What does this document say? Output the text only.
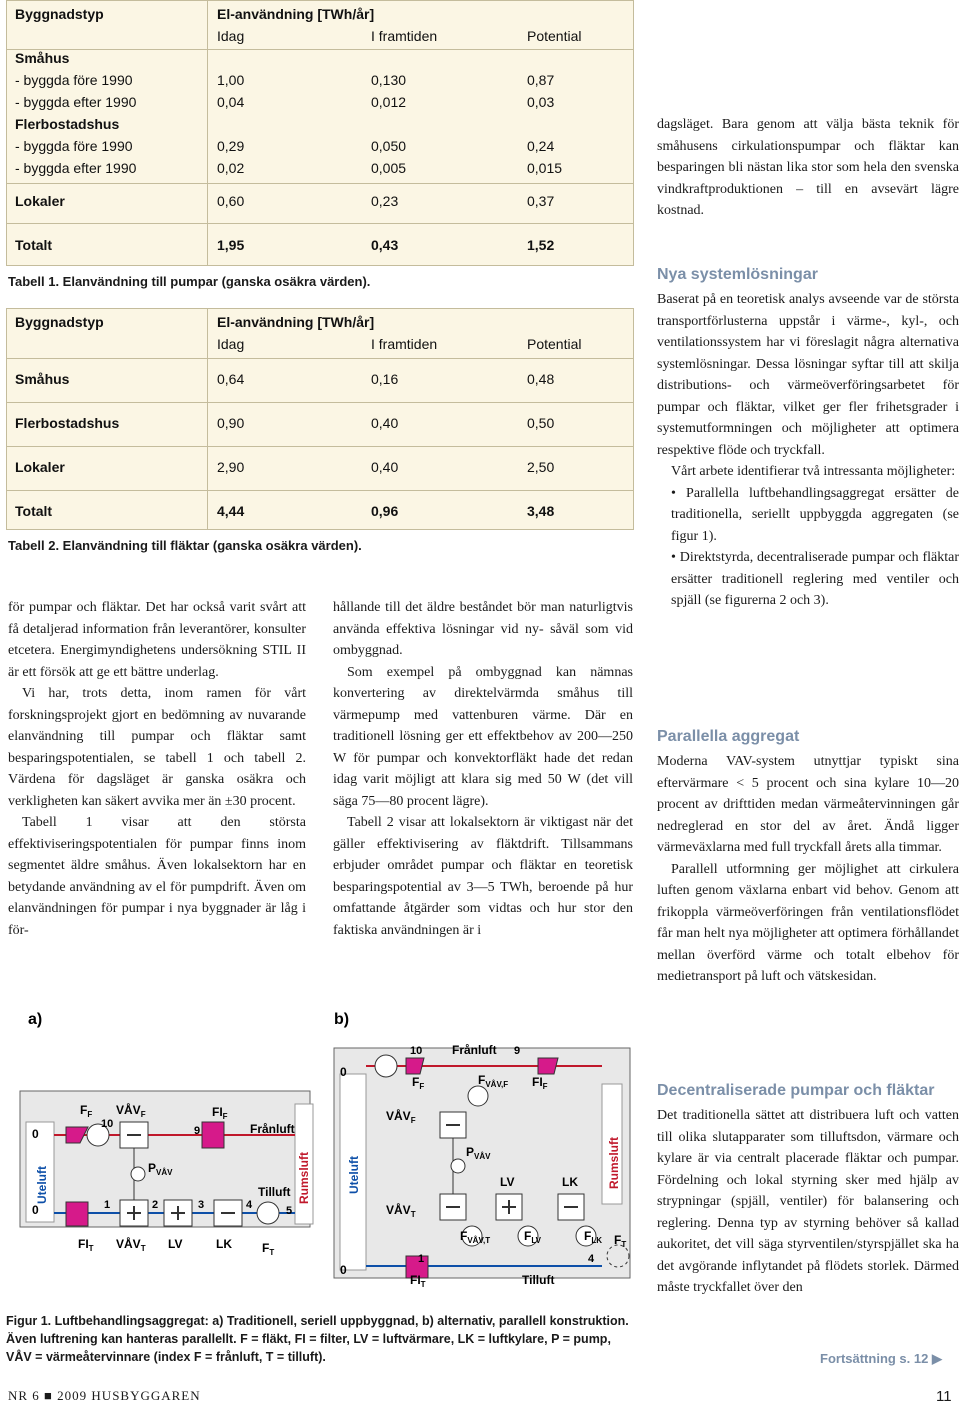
Byggnadstyp	El-användning [TWh/år]
Idag	I framtiden	Potential
Småhus
- byggda före 1990	1,00	0,130	0,87
- byggda efter 1990	0,04	0,012	0,03
Flerbostadshus
- byggda före 1990	0,29	0,050	0,24
- byggda efter 1990	0,02	0,005	0,015
Lokaler	0,60	0,23	0,37
Totalt	1,95	0,43	1,52
Tabell 1. Elanvändning till pumpar (ganska osäkra värden).
Byggnadstyp	El-användning [TWh/år]
Idag	I framtiden	Potential
Småhus	0,64	0,16	0,48
Flerbostadshus	0,90	0,40	0,50
Lokaler	2,90	0,40	2,50
Totalt	4,44	0,96	3,48
Tabell 2. Elanvändning till fläktar (ganska osäkra värden).

för pumpar och fläktar. Det har också varit svårt att få detaljerad information från leverantörer, konsulter etcetera. Energimyndighetens undersökning STIL II är ett försök att ge ett bättre underlag.

Vi har, trots detta, inom ramen för vårt forskningsprojekt gjort en bedömning av nuvarande elanvändning till pumpar och fläktar samt besparingspotentialen, se tabell 1 och tabell 2. Värdena för dagsläget är ganska osäkra och verkligheten kan säkert avvika mer än ±30 procent.

Tabell 1 visar att den största effektiviseringspotentialen för pumpar finns inom segmentet äldre småhus. Även lokalsektorn har en betydande användning av el för pumpdrift. Även om elanvändningen för pumpar i nya byggnader är låg i för-

hållande till det äldre beståndet bör man naturligtvis använda effektiva lösningar vid ny- såväl som vid ombyggnad.

Som exempel på ombyggnad kan nämnas konvertering av direktelvärmda småhus till värmepump med vattenburen värme. Där en traditionell lösning ger ett effektbehov av 200—250 W för pumpar och konvektorfläkt hade det redan idag varit möjligt att klara sig med 50 W (det vill säga 75—80 procent lägre).

Tabell 2 visar att lokalsektorn är viktigast när det gäller effektivisering av fläktdrift. Tillsammans erbjuder området pumpar och fläktar en teoretisk besparingspotential av 3—5 TWh, beroende på hur omfattande åtgärder som vidtas och hur stor den faktiska användningen är i

dagsläget. Bara genom att välja bästa teknik för småhusens cirkulationspumpar och fläktar kan besparingen bli nästan lika stor som hela den svenska vindkraftproduktionen – till en avsevärt lägre kostnad.

Nya systemlösningar

Baserat på en teoretisk analys avseende var de största transportförlusterna uppstår i värme-, kyl-, och ventilationssystem har vi föreslagit några alternativa systemlösningar. Dessa lösningar syftar till att skilja distributions- och värmeöverföringsarbetet för pumpar och fläktar, vilket ger fler frihetsgrader i systemutformningen och möjligheter att optimera respektive flöde och tryckfall.

Vårt arbete identifierar två intressanta möjligheter:

• Parallella luftbehandlingsaggregat ersätter de traditionella, seriellt uppbyggda aggregaten (se figur 1).

• Direktstyrda, decentraliserade pumpar och fläktar ersätter traditionell reglering med ventiler och spjäll (se figurerna 2 och 3).

Parallella aggregat

Moderna VAV-system utnyttjar typiskt sina eftervärmare < 5 procent och sina kylare 10—20 procent av drifttiden medan värmeåtervinningen går nedreglerad en stor del av året. Ändå ligger värmeväxlarna med full tryckfall årets alla timmar.

Parallell utformning ger möjlighet att cirkulera luften genom växlarna enbart vid behov. Genom att frikoppla värmeöverföringen från ventilationsflödet får man helt nya möjligheter att optimera förhållandet mellan överförd värme och totalt elbehov för medietransport på luft och vätskesidan.

Decentraliserade pumpar och fläktar

Det traditionella sättet att distribuera luft och vatten till olika slutapparater som tilluftsdon, värmare och kylare är via centralt placerade fläktar och pumpar. Fördelning och lokal styrning sker med hjälp av strypningar (spjäll, ventiler) för balansering och reglering. Denna typ av styrning behöver så kallad aukoritet, det vill säga styrventilen/styrspjället ska ha det avgörande inflytandet på flödets storlek. Därmed måste tryckfallet över den

Fortsättning s. 12 ▶
a)
Uteluft	Rumsluft
0
0
$F_F$
10
$VÅV_F$
9
$FI_F$
Frånluft
$P_{VÅV}$
1	2	3	4	5
Tilluft
$FI_T$ $VÅV_T$ LV	LK	$F_T$
b)
Uteluft	Rumsluft
0
0
10
$F_F$
Frånluft 9
$F_{VÅV,F}$ $FI_F$
$VÅV_F$
$P_{VÅV}$
LV	LK
$VÅV_T$
$F_{VÅV,T}$	$F_{LV}$	$F_{LK}$ $F_T$
1	4
$FI_T$	Tilluft
Figur 1. Luftbehandlingsaggregat: a) Traditionell, seriell uppbyggnad, b) alternativ, parallell konstruktion. Även luftrening kan hanteras parallellt. F = fläkt, FI = filter, LV = luftvärmare, LK = luftkylare, P = pump, VÅV = värmeåtervinnare (index F = frånluft, T = tilluft).
NR 6 ■ 2009 HUSBYGGAREN	11
